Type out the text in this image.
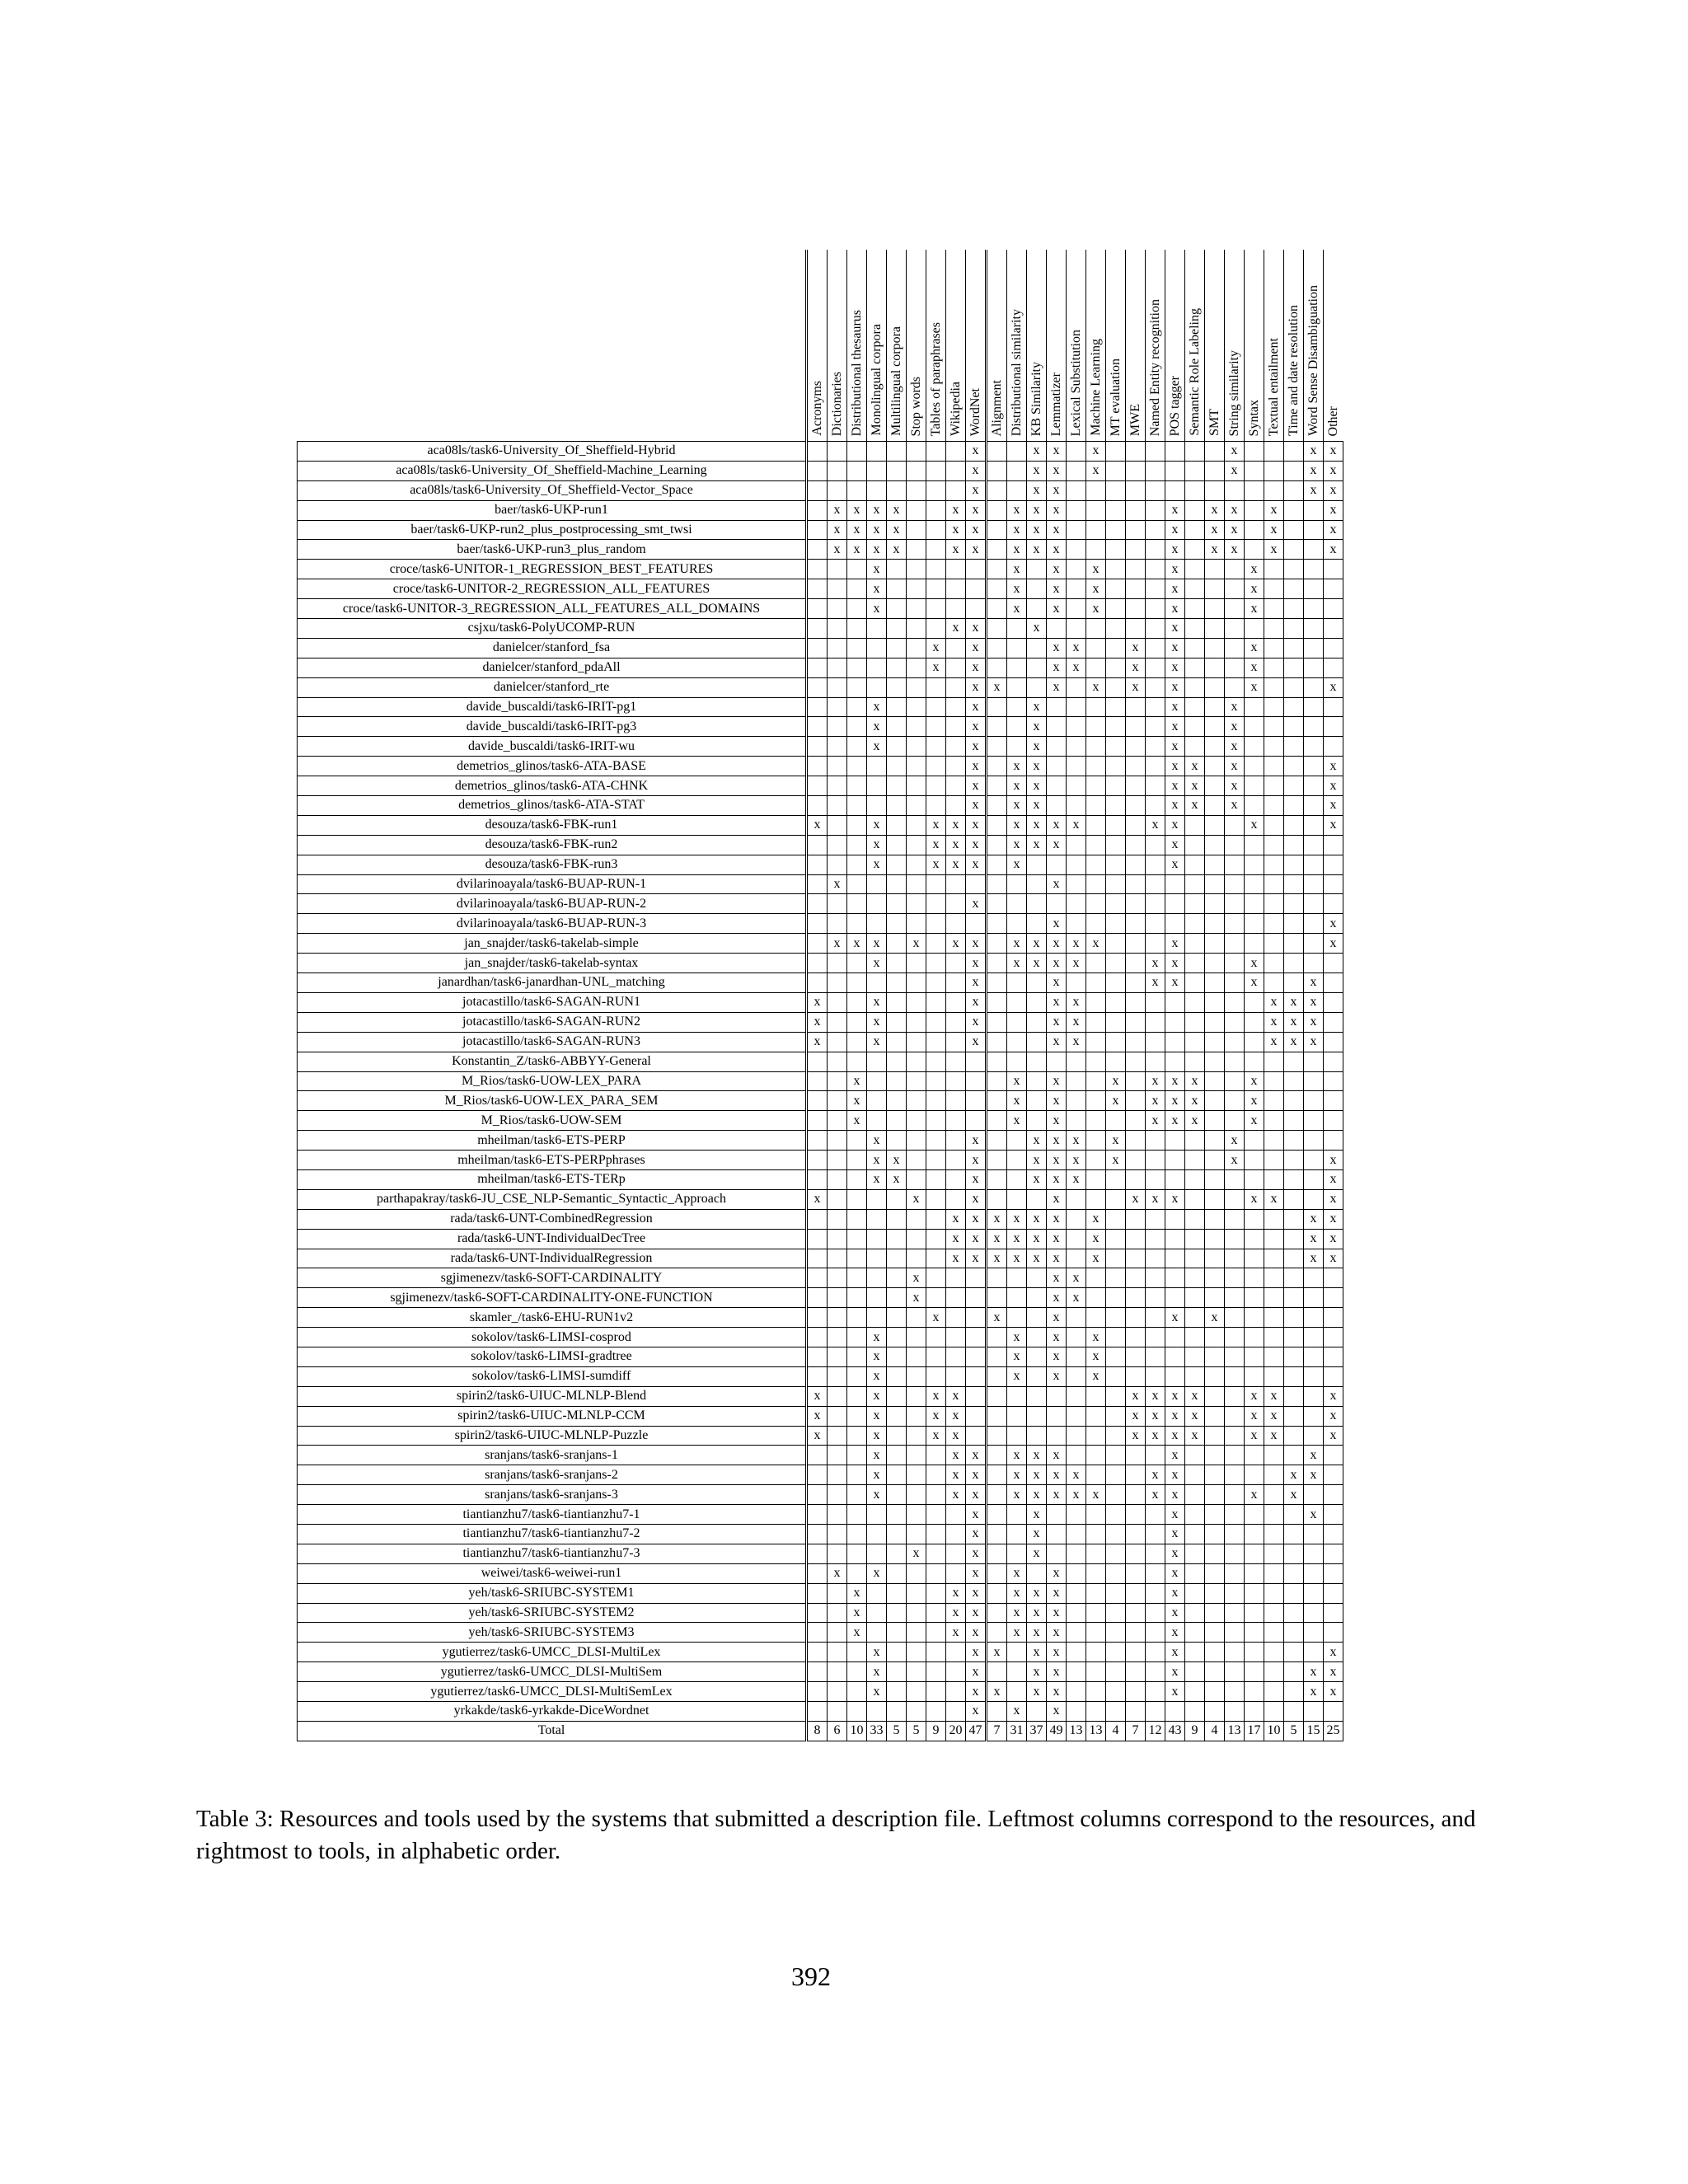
	Acronyms	Dictionaries	Distributional thesaurus	Monolingual corpora	Multilingual corpora	Stop words	Tables of paraphrases	Wikipedia	WordNet	Alignment	Distributional similarity	KB Similarity	Lemmatizer	Lexical Substitution	Machine Learning	MT evaluation	MWE	Named Entity recognition	POS tagger	Semantic Role Labeling	SMT	String similarity	Syntax	Textual entailment	Time and date resolution	Word Sense Disambiguation	Other
aca08ls/task6-University_Of_Sheffield-Hybrid									x			x	x		x							x				x	x
aca08ls/task6-University_Of_Sheffield-Machine_Learning									x			x	x		x							x				x	x
aca08ls/task6-University_Of_Sheffield-Vector_Space									x			x	x													x	x
baer/task6-UKP-run1		x	x	x	x			x	x		x	x	x						x		x	x		x			x
baer/task6-UKP-run2_plus_postprocessing_smt_twsi		x	x	x	x			x	x		x	x	x						x		x	x		x			x
baer/task6-UKP-run3_plus_random		x	x	x	x			x	x		x	x	x						x		x	x		x			x
croce/task6-UNITOR-1_REGRESSION_BEST_FEATURES				x							x		x		x				x				x				
croce/task6-UNITOR-2_REGRESSION_ALL_FEATURES				x							x		x		x				x				x				
croce/task6-UNITOR-3_REGRESSION_ALL_FEATURES_ALL_DOMAINS				x							x		x		x				x				x				
csjxu/task6-PolyUCOMP-RUN								x	x			x							x								
danielcer/stanford_fsa							x		x				x	x			x		x				x				
danielcer/stanford_pdaAll							x		x				x	x			x		x				x				
danielcer/stanford_rte									x	x			x		x		x		x				x				x
davide_buscaldi/task6-IRIT-pg1				x					x			x							x			x					
davide_buscaldi/task6-IRIT-pg3				x					x			x							x			x					
davide_buscaldi/task6-IRIT-wu				x					x			x							x			x					
demetrios_glinos/task6-ATA-BASE									x		x	x							x	x		x					x
demetrios_glinos/task6-ATA-CHNK									x		x	x							x	x		x					x
demetrios_glinos/task6-ATA-STAT									x		x	x							x	x		x					x
desouza/task6-FBK-run1	x			x			x	x	x		x	x	x	x				x	x				x				x
desouza/task6-FBK-run2				x			x	x	x		x	x	x						x								
desouza/task6-FBK-run3				x			x	x	x		x								x								
dvilarinoayala/task6-BUAP-RUN-1		x											x														
dvilarinoayala/task6-BUAP-RUN-2									x																		
dvilarinoayala/task6-BUAP-RUN-3													x														x
jan_snajder/task6-takelab-simple		x	x	x		x		x	x		x	x	x	x	x				x								x
jan_snajder/task6-takelab-syntax				x					x		x	x	x	x				x	x				x				
janardhan/task6-janardhan-UNL_matching									x				x					x	x				x			x	
jotacastillo/task6-SAGAN-RUN1	x			x					x				x	x										x	x	x	
jotacastillo/task6-SAGAN-RUN2	x			x					x				x	x										x	x	x	
jotacastillo/task6-SAGAN-RUN3	x			x					x				x	x										x	x	x	
Konstantin_Z/task6-ABBYY-General																											
M_Rios/task6-UOW-LEX_PARA			x								x		x			x		x	x	x			x				
M_Rios/task6-UOW-LEX_PARA_SEM			x								x		x			x		x	x	x			x				
M_Rios/task6-UOW-SEM			x								x		x					x	x	x			x				
mheilman/task6-ETS-PERP				x					x			x	x	x		x						x					
mheilman/task6-ETS-PERPphrases				x	x				x			x	x	x		x						x					x
mheilman/task6-ETS-TERp				x	x				x			x	x	x													x
parthapakray/task6-JU_CSE_NLP-Semantic_Syntactic_Approach	x					x			x				x				x	x	x				x	x			x
rada/task6-UNT-CombinedRegression								x	x	x	x	x	x		x											x	x
rada/task6-UNT-IndividualDecTree								x	x	x	x	x	x		x											x	x
rada/task6-UNT-IndividualRegression								x	x	x	x	x	x		x											x	x
sgjimenezv/task6-SOFT-CARDINALITY						x							x	x													
sgjimenezv/task6-SOFT-CARDINALITY-ONE-FUNCTION						x							x	x													
skamler_/task6-EHU-RUN1v2							x			x			x						x		x						
sokolov/task6-LIMSI-cosprod				x							x		x		x												
sokolov/task6-LIMSI-gradtree				x							x		x		x												
sokolov/task6-LIMSI-sumdiff				x							x		x		x												
spirin2/task6-UIUC-MLNLP-Blend	x			x			x	x									x	x	x	x			x	x			x
spirin2/task6-UIUC-MLNLP-CCM	x			x			x	x									x	x	x	x			x	x			x
spirin2/task6-UIUC-MLNLP-Puzzle	x			x			x	x									x	x	x	x			x	x			x
sranjans/task6-sranjans-1				x				x	x		x	x	x						x							x	
sranjans/task6-sranjans-2				x				x	x		x	x	x	x				x	x						x	x	
sranjans/task6-sranjans-3				x				x	x		x	x	x	x	x			x	x				x		x		
tiantianzhu7/task6-tiantianzhu7-1									x			x							x							x	
tiantianzhu7/task6-tiantianzhu7-2									x			x							x								
tiantianzhu7/task6-tiantianzhu7-3						x			x			x							x								
weiwei/task6-weiwei-run1		x		x					x		x		x						x								
yeh/task6-SRIUBC-SYSTEM1			x					x	x		x	x	x						x								
yeh/task6-SRIUBC-SYSTEM2			x					x	x		x	x	x						x								
yeh/task6-SRIUBC-SYSTEM3			x					x	x		x	x	x						x								
ygutierrez/task6-UMCC_DLSI-MultiLex				x					x	x		x	x						x								x
ygutierrez/task6-UMCC_DLSI-MultiSem				x					x			x	x						x							x	x
ygutierrez/task6-UMCC_DLSI-MultiSemLex				x					x	x		x	x						x							x	x
yrkakde/task6-yrkakde-DiceWordnet									x		x		x														
Total	8	6	10	33	5	5	9	20	47	7	31	37	49	13	13	4	7	12	43	9	4	13	17	10	5	15	25

Table 3: Resources and tools used by the systems that submitted a description file. Leftmost columns correspond to the resources, and rightmost to tools, in alphabetic order.

392
